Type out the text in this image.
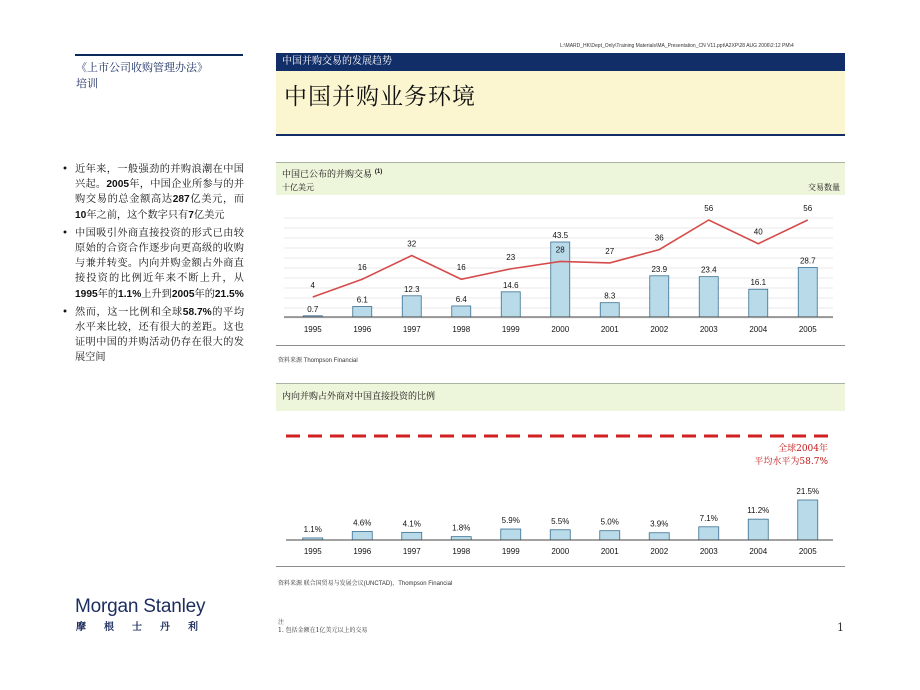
L:\MARD_HK\Dept_Only\Training Materials\MA_Presentation_CN V11.ppt\A2XP\28 AUG 2006\2:12 PM\4
《上市公司收购管理办法》
培训
• 近年来，一般强劲的并购浪潮在中国兴起。2005年，中国企业所参与的并购交易的总金额高达287亿美元，而10年之前，这个数字只有7亿美元
• 中国吸引外商直接投资的形式已由较原始的合资合作逐步向更高级的收购与兼并转变。内向并购金额占外商直接投资的比例近年来不断上升，从1995年的1.1%上升到2005年的21.5%
• 然而，这一比例和全球58.7%的平均水平来比较，还有很大的差距。这也证明中国的并购活动仍存在很大的发展空间
Morgan Stanley
摩 根 士 丹 利
中国并购交易的发展趋势
中国并购业务环境
中国已公布的并购交易 $^{(1)}$
十亿美元	交易数量
0.7
1995
4
6.1
1996
16
12.3
1997
32
6.4
1998
16
14.6
1999
23
43.5
2000
28
8.3
2001
27
23.9
2002
36
23.4
2003
56
16.1
2004
40
28.7
2005
56
资料来源 Thompson Financial
内向并购占外商对中国直接投资的比例
1.1%
1995
4.6%
1996
4.1%
1997
1.8%
1998
5.9%
1999
5.5%
2000
5.0%
2001
3.9%
2002
7.1%
2003
11.2%
2004
21.5%
2005
全球2004年
平均水平为58.7%
资料来源 联合国贸易与发展会议(UNCTAD)、Thompson Financial
注
1. 包括金额在1亿美元以上的交易	1
